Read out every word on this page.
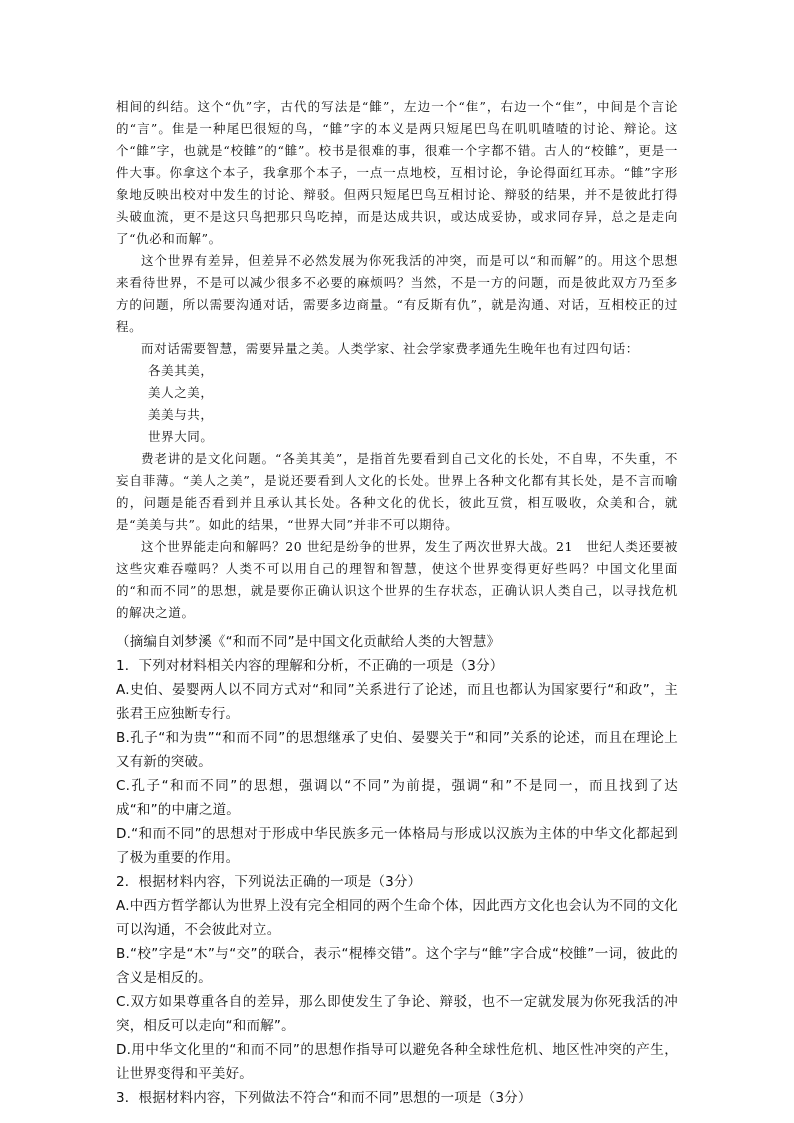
相间的纠结。这个“仇”字，古代的写法是“雔”，左边一个“隹”，右边一个“隹”，中间是个言论的“言”。隹是一种尾巴很短的鸟，“雔”字的本义是两只短尾巴鸟在叽叽喳喳的讨论、辩论。这个“雔”字，也就是“校雔”的“雔”。校书是很难的事，很难一个字都不错。古人的“校雔”，更是一件大事。你拿这个本子，我拿那个本子，一点一点地校，互相讨论，争论得面红耳赤。“雔”字形象地反映出校对中发生的讨论、辩驳。但两只短尾巴鸟互相讨论、辩驳的结果，并不是彼此打得头破血流，更不是这只鸟把那只鸟吃掉，而是达成共识，或达成妥协，或求同存异，总之是走向了“仇必和而解”。

这个世界有差异，但差异不必然发展为你死我活的冲突，而是可以“和而解”的。用这个思想来看待世界，不是可以减少很多不必要的麻烦吗？当然，不是一方的问题，而是彼此双方乃至多方的问题，所以需要沟通对话，需要多边商量。“有反斯有仇”，就是沟通、对话，互相校正的过程。

而对话需要智慧，需要异量之美。人类学家、社会学家费孝通先生晚年也有过四句话：

各美其美，
美人之美，
美美与共，
世界大同。

费老讲的是文化问题。“各美其美”，是指首先要看到自己文化的长处，不自卑，不失重，不妄自菲薄。“美人之美”，是说还要看到人文化的长处。世界上各种文化都有其长处，是不言而喻的，问题是能否看到并且承认其长处。各种文化的优长，彼此互赏，相互吸收，众美和合，就是“美美与共”。如此的结果，“世界大同”并非不可以期待。

这个世界能走向和解吗？20 世纪是纷争的世界，发生了两次世界大战。21　世纪人类还要被这些灾难吞噬吗？人类不可以用自己的理智和智慧，使这个世界变得更好些吗？中国文化里面的“和而不同”的思想，就是要你正确认识这个世界的生存状态，正确认识人类自己，以寻找危机的解决之道。

（摘编自刘梦溪《“和而不同”是中国文化贡献给人类的大智慧》

1．下列对材料相关内容的理解和分析，不正确的一项是（3分）

A.史伯、晏婴两人以不同方式对“和同”关系进行了论述，而且也都认为国家要行“和政”，主张君王应独断专行。

B.孔子“和为贵”“和而不同”的思想继承了史伯、晏婴关于“和同”关系的论述，而且在理论上又有新的突破。

C.孔子“和而不同”的思想，强调以“不同”为前提，强调“和”不是同一，而且找到了达成“和”的中庸之道。

D.“和而不同”的思想对于形成中华民族多元一体格局与形成以汉族为主体的中华文化都起到了极为重要的作用。

2．根据材料内容，下列说法正确的一项是（3分）

A.中西方哲学都认为世界上没有完全相同的两个生命个体，因此西方文化也会认为不同的文化可以沟通，不会彼此对立。

B.“校”字是“木”与“交”的联合，表示“棍棒交错”。这个字与“雔”字合成“校雔”一词，彼此的含义是相反的。

C.双方如果尊重各自的差异，那么即使发生了争论、辩驳，也不一定就发展为你死我活的冲突，相反可以走向“和而解”。

D.用中华文化里的“和而不同”的思想作指导可以避免各种全球性危机、地区性冲突的产生，让世界变得和平美好。

3．根据材料内容，下列做法不符合“和而不同”思想的一项是（3分）
